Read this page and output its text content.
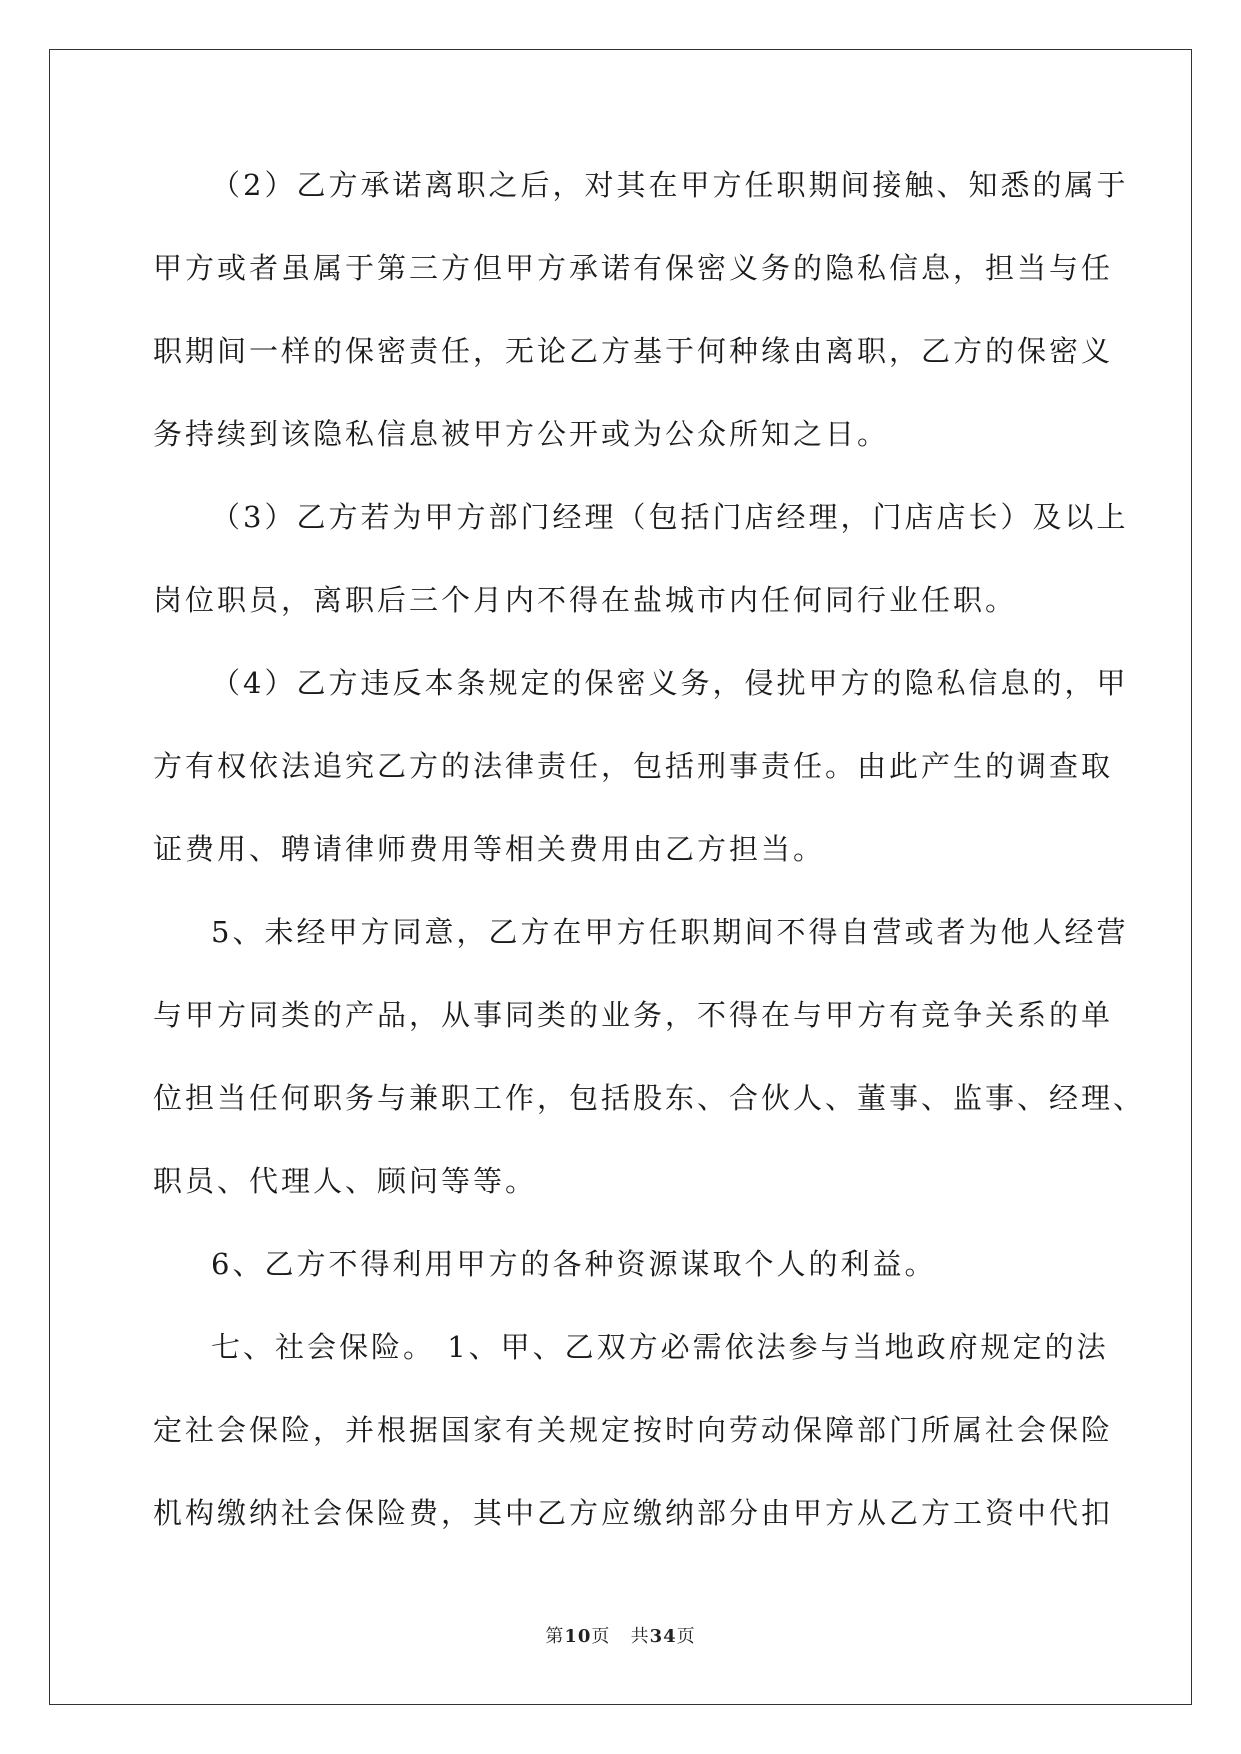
（2）乙方承诺离职之后，对其在甲方任职期间接触、知悉的属于
甲方或者虽属于第三方但甲方承诺有保密义务的隐私信息，担当与任
职期间一样的保密责任，无论乙方基于何种缘由离职，乙方的保密义
务持续到该隐私信息被甲方公开或为公众所知之日。
（3）乙方若为甲方部门经理（包括门店经理，门店店长）及以上
岗位职员，离职后三个月内不得在盐城市内任何同行业任职。
（4）乙方违反本条规定的保密义务，侵扰甲方的隐私信息的，甲
方有权依法追究乙方的法律责任，包括刑事责任。由此产生的调查取
证费用、聘请律师费用等相关费用由乙方担当。
5、未经甲方同意，乙方在甲方任职期间不得自营或者为他人经营
与甲方同类的产品，从事同类的业务，不得在与甲方有竞争关系的单
位担当任何职务与兼职工作，包括股东、合伙人、董事、监事、经理、
职员、代理人、顾问等等。
6、乙方不得利用甲方的各种资源谋取个人的利益。
七、社会保险。 1、甲、乙双方必需依法参与当地政府规定的法
定社会保险，并根据国家有关规定按时向劳动保障部门所属社会保险
机构缴纳社会保险费，其中乙方应缴纳部分由甲方从乙方工资中代扣
第10页 共34页
